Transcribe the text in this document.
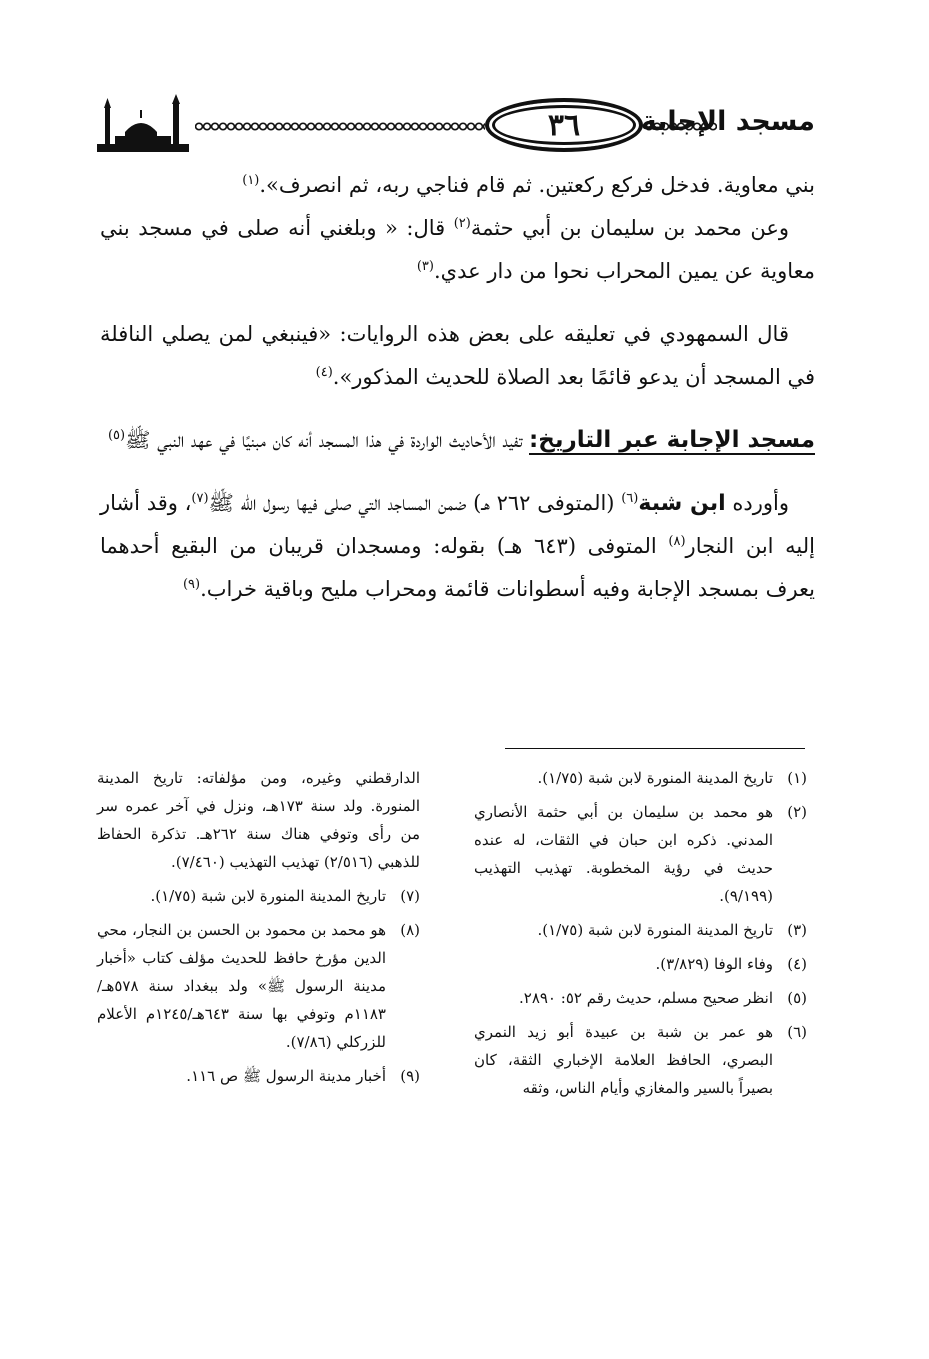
٣٦	مسجد الإجابة

بني معاوية. فدخل فركع ركعتين. ثم قام فناجي ربه، ثم انصرف».$^{(١)}$

وعن محمد بن سليمان بن أبي حثمة$^{(٢)}$ قال: « وبلغني أنه صلى في مسجد بني معاوية عن يمين المحراب نحوا من دار عدي.$^{(٣)}$

قال السمهودي في تعليقه على بعض هذه الروايات: «فينبغي لمن يصلي النافلة في المسجد أن يدعو قائمًا بعد الصلاة للحديث المذكور».$^{(٤)}$

مسجد الإجابة عبر التاريخ: تفيد الأحاديث الواردة في هذا المسجد أنه كان مبنيًا في عهد النبي ﷺ$^{(٥)}$

وأورده ابن شبة$^{(٦)}$ (المتوفى ٢٦٢ هـ) ضمن المساجد التي صلى فيها رسول الله ﷺ$^{(٧)}$، وقد أشار إليه ابن النجار$^{(٨)}$ المتوفى (٦٤٣ هـ) بقوله: ومسجدان قريبان من البقيع أحدهما يعرف بمسجد الإجابة وفيه أسطوانات قائمة ومحراب مليح وباقية خراب.$^{(٩)}$

(١)
تاريخ المدينة المنورة لابن شبة (١/٧٥).

(٢)
هو محمد بن سليمان بن أبي حثمة الأنصاري المدني. ذكره ابن حبان في الثقات، له عنده حديث في رؤية المخطوبة. تهذيب التهذيب (٩/١٩٩).

(٣)
تاريخ المدينة المنورة لابن شبة (١/٧٥).

(٤)
وفاء الوفا (٣/٨٢٩).

(٥)
انظر صحيح مسلم، حديث رقم ٥٢: ٢٨٩٠.

(٦)
هو عمر بن شبة بن عبيدة أبو زيد النمري البصري، الحافظ العلامة الإخباري الثقة، كان بصيراً بالسير والمغازي وأيام الناس، وثقه

الدارقطني وغيره، ومن مؤلفاته: تاريخ المدينة المنورة. ولد سنة ١٧٣هـ، ونزل في آخر عمره سر من رأى وتوفي هناك سنة ٢٦٢هـ. تذكرة الحفاظ للذهبي (٢/٥١٦) تهذيب التهذيب (٧/٤٦٠).

(٧)
تاريخ المدينة المنورة لابن شبة (١/٧٥).

(٨)
هو محمد بن محمود بن الحسن بن النجار، محي الدين مؤرخ حافظ للحديث مؤلف كتاب «أخبار مدينة الرسول ﷺ» ولد ببغداد سنة ٥٧٨هـ/١١٨٣م وتوفي بها سنة ٦٤٣هـ/١٢٤٥م الأعلام للزركلي (٧/٨٦).

(٩)
أخبار مدينة الرسول ﷺ ص ١١٦.
